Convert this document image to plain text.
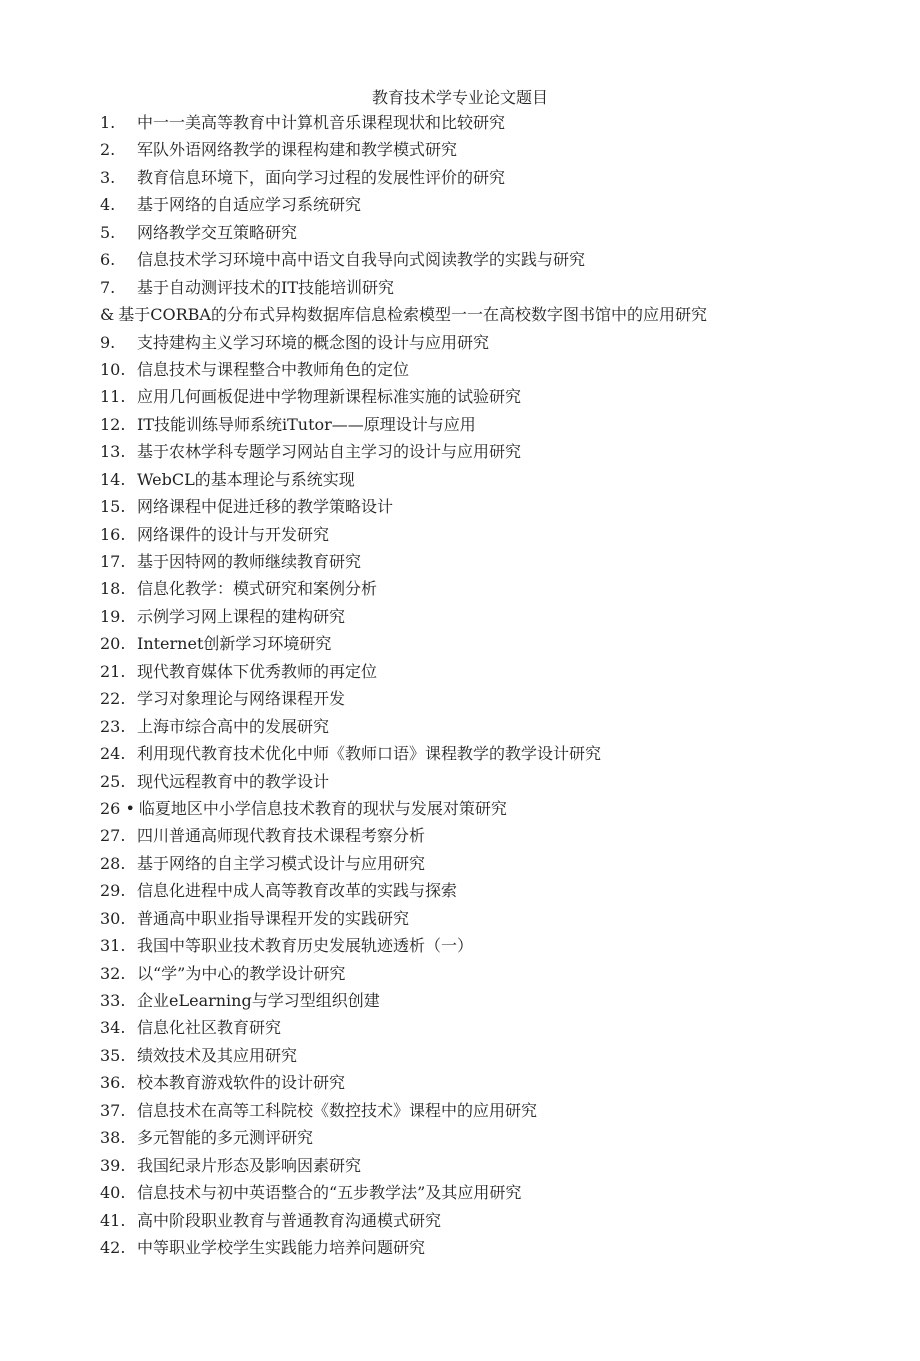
教育技术学专业论文题目
1. 中一一美高等教育中计算机音乐课程现状和比较研究
2. 军队外语网络教学的课程构建和教学模式研究
3. 教育信息环境下，面向学习过程的发展性评价的研究
4. 基于网络的自适应学习系统研究
5. 网络教学交互策略研究
6. 信息技术学习环境中高中语文自我导向式阅读教学的实践与研究
7. 基于自动测评技术的IT技能培训研究
& 基于CORBA的分布式异构数据库信息检索模型一一在高校数字图书馆中的应用研究
9. 支持建构主义学习环境的概念图的设计与应用研究
10. 信息技术与课程整合中教师角色的定位
11. 应用几何画板促进中学物理新课程标准实施的试验研究
12. IT技能训练导师系统iTutor——原理设计与应用
13. 基于农林学科专题学习网站自主学习的设计与应用研究
14. WebCL的基本理论与系统实现
15. 网络课程中促进迁移的教学策略设计
16. 网络课件的设计与开发研究
17. 基于因特网的教师继续教育研究
18. 信息化教学：模式研究和案例分析
19. 示例学习网上课程的建构研究
20. Internet创新学习环境研究
21. 现代教育媒体下优秀教师的再定位
22. 学习对象理论与网络课程开发
23. 上海市综合高中的发展研究
24. 利用现代教育技术优化中师《教师口语》课程教学的教学设计研究
25. 现代远程教育中的教学设计
26 • 临夏地区中小学信息技术教育的现状与发展对策研究
27. 四川普通高师现代教育技术课程考察分析
28. 基于网络的自主学习模式设计与应用研究
29. 信息化进程中成人高等教育改革的实践与探索
30. 普通高中职业指导课程开发的实践研究
31. 我国中等职业技术教育历史发展轨迹透析（一）
32. 以“学”为中心的教学设计研究
33. 企业eLearning与学习型组织创建
34. 信息化社区教育研究
35. 绩效技术及其应用研究
36. 校本教育游戏软件的设计研究
37. 信息技术在高等工科院校《数控技术》课程中的应用研究
38. 多元智能的多元测评研究
39. 我国纪录片形态及影响因素研究
40. 信息技术与初中英语整合的“五步教学法”及其应用研究
41. 高中阶段职业教育与普通教育沟通模式研究
42. 中等职业学校学生实践能力培养问题研究
